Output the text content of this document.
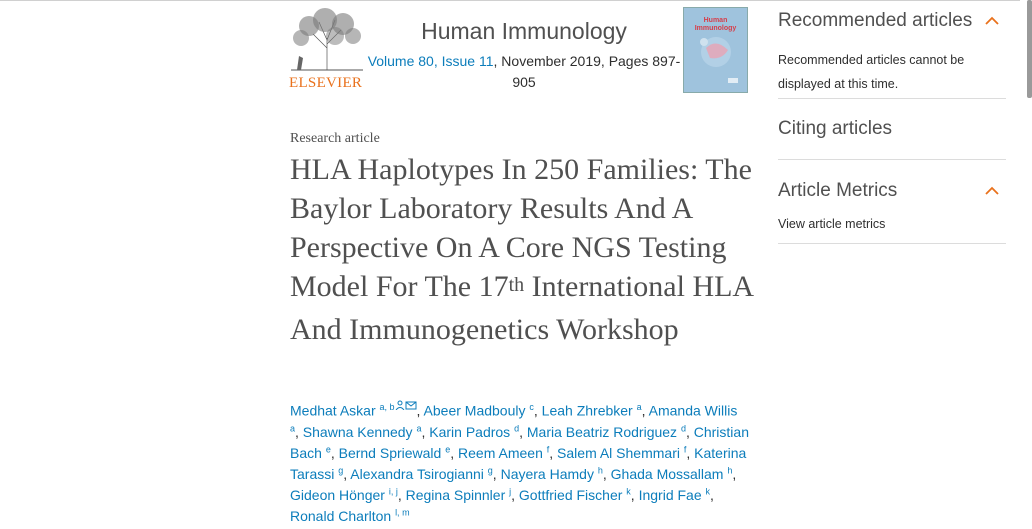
ELSEVIER
Human Immunology
Volume 80, Issue 11, November 2019, Pages 897-905
Human Immunology
Research article
HLA Haplotypes In 250 Families: The Baylor Laboratory Results And A Perspective On A Core NGS Testing Model For The 17th International HLA And Immunogenetics Workshop
Medhat Askar $^{a, b}$ , Abeer Madbouly $^c$, Leah Zhrebker $^a$, Amanda Willis $^a$, Shawna Kennedy $^a$, Karin Padros $^d$, Maria Beatriz Rodriguez $^d$, Christian Bach $^e$, Bernd Spriewald $^e$, Reem Ameen $^f$, Salem Al Shemmari $^f$, Katerina Tarassi $^g$, Alexandra Tsirogianni $^g$, Nayera Hamdy $^h$, Ghada Mossallam $^h$, Gideon Hönger $^{i, j}$, Regina Spinnler $^j$, Gottfried Fischer $^k$, Ingrid Fae $^k$, Ronald Charlton $^{l, m}$
Recommended articles
Recommended articles cannot be displayed at this time.
Citing articles
Article Metrics
View article metrics
